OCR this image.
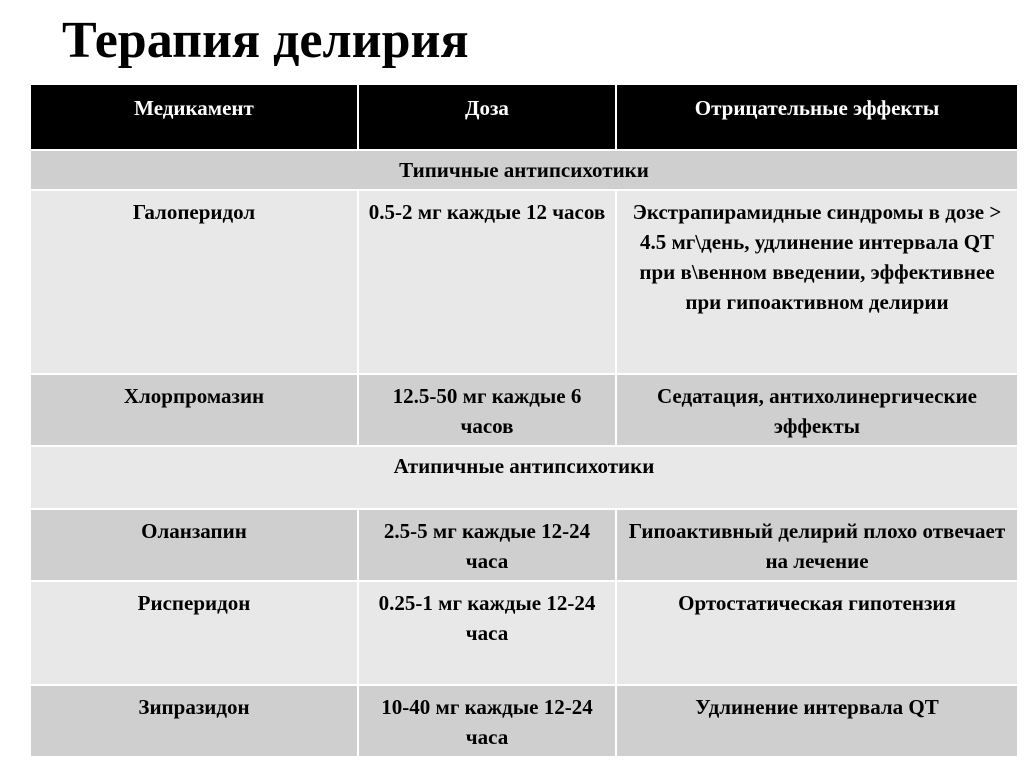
Терапия делирия
Медикамент	Доза	Отрицательные эффекты
Типичные антипсихотики		
Галоперидол	0.5-2 мг каждые 12 часов	Экстрапирамидные синдромы в дозе > 4.5 мг\день, удлинение интервала QT при в\венном введении, эффективнее при гипоактивном делирии
Хлорпромазин	12.5-50 мг каждые 6 часов	Седатация, антихолинергические эффекты
Атипичные антипсихотики		
Оланзапин	2.5-5 мг каждые 12-24 часа	Гипоактивный делирий плохо отвечает на лечение
Рисперидон	0.25-1 мг каждые 12-24 часа	Ортостатическая гипотензия
Зипразидон	10-40 мг каждые 12-24 часа	Удлинение интервала QT
